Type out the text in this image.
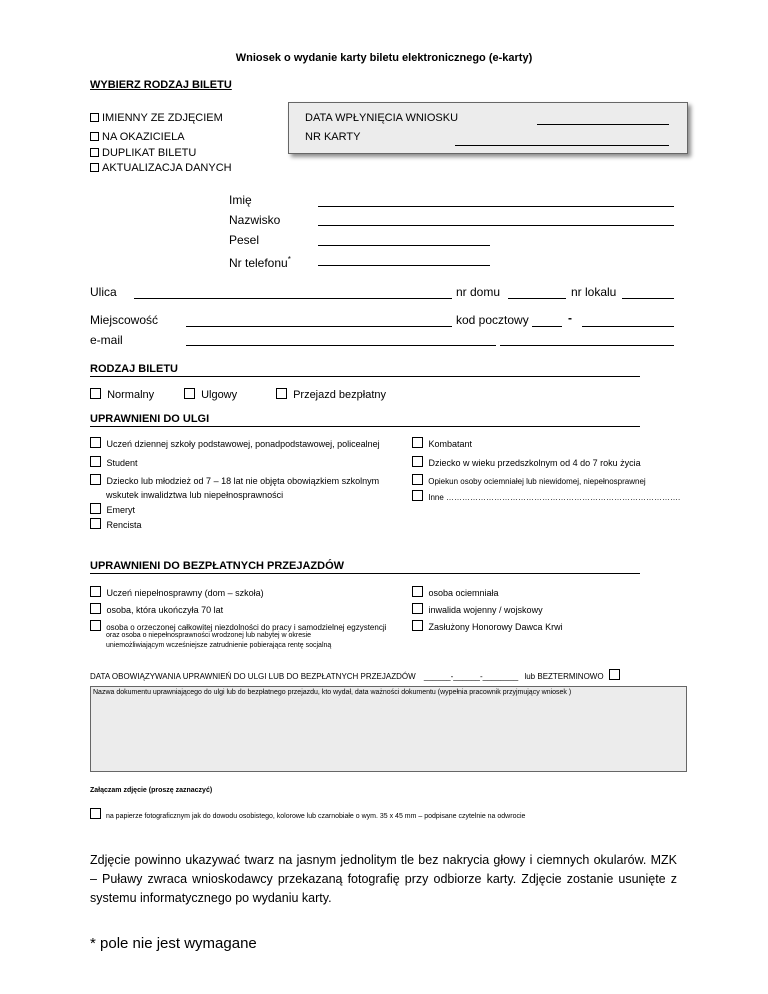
Wniosek o wydanie karty biletu elektronicznego (e-karty)
WYBIERZ RODZAJ BILETU
DATA WPŁYNIĘCIA WNIOSKU
NR KARTY
IMIENNY ZE ZDJĘCIEM
NA OKAZICIELA
DUPLIKAT BILETU
AKTUALIZACJA DANYCH
Imię
Nazwisko
Pesel
Nr telefonu*
Ulica	nr domu	nr lokalu
Miejscowość	kod pocztowy	-
e-mail
RODZAJ BILETU
Normalny	Ulgowy	Przejazd bezpłatny
UPRAWNIENI DO ULGI
Uczeń dziennej szkoły podstawowej, ponadpodstawowej, policealnej
Student
Dziecko lub młodzież od 7 – 18 lat nie objęta obowiązkiem szkolnym
wskutek inwalidztwa lub niepełnosprawności
Emeryt
Rencista
Kombatant
Dziecko w wieku przedszkolnym od 4 do 7 roku życia
Opiekun osoby ociemniałej lub niewidomej, niepełnosprawnej
Inne …………………………………………………………………………….
UPRAWNIENI DO BEZPŁATNYCH PRZEJAZDÓW
Uczeń niepełnosprawny (dom – szkoła)
osoba, która ukończyła 70 lat
osoba o orzeczonej całkowitej niezdolności do pracy i samodzielnej egzystencji
oraz osoba o niepełnosprawności wrodzonej lub nabytej w okresie
uniemożliwiającym wcześniejsze zatrudnienie pobierająca rentę socjalną
osoba ociemniała
inwalida wojenny / wojskowy
Zasłużony Honorowy Dawca Krwi
DATA OBOWIĄZYWANIA UPRAWNIEŃ DO ULGI LUB DO BEZPŁATNYCH PRZEJAZDÓW ______-______-________ lub BEZTERMINOWO
Nazwa dokumentu uprawniającego do ulgi lub do bezpłatnego przejazdu, kto wydał, data ważności dokumentu (wypełnia pracownik przyjmujący wniosek )
Załączam zdjęcie (proszę zaznaczyć)
na papierze fotograficznym jak do dowodu osobistego, kolorowe lub czarnobiałe o wym. 35 x 45 mm – podpisane czytelnie na odwrocie
Zdjęcie powinno ukazywać twarz na jasnym jednolitym tle bez nakrycia głowy i ciemnych okularów. MZK – Puławy zwraca wnioskodawcy przekazaną fotografię przy odbiorze karty. Zdjęcie zostanie usunięte z systemu informatycznego po wydaniu karty.
* pole nie jest wymagane
